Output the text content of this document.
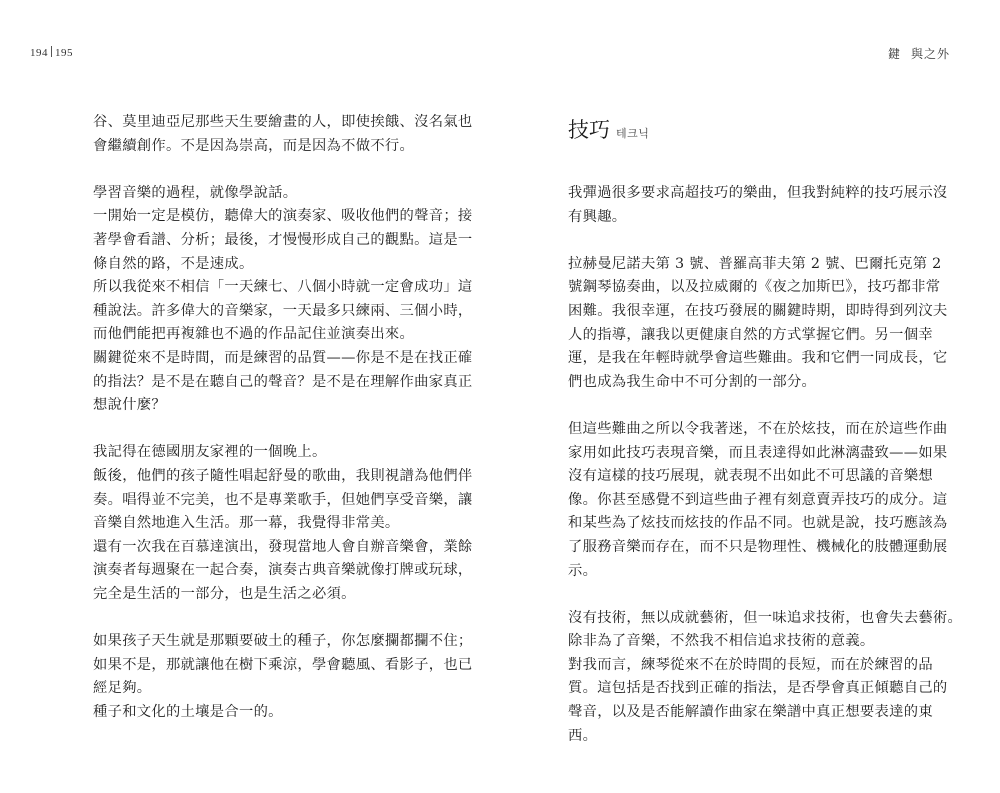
194 195	鍵 與之外

谷、莫里迪亞尼那些天生要繪畫的人，即使挨餓、沒名氣也

會繼續創作。不是因為崇高，而是因為不做不行。

學習音樂的過程，就像學說話。

一開始一定是模仿，聽偉大的演奏家、吸收他們的聲音；接

著學會看譜、分析；最後，才慢慢形成自己的觀點。這是一

條自然的路，不是速成。

所以我從來不相信「一天練七、八個小時就一定會成功」這

種說法。許多偉大的音樂家，一天最多只練兩、三個小時，

而他們能把再複雜也不過的作品記住並演奏出來。

關鍵從來不是時間，而是練習的品質——你是不是在找正確

的指法？是不是在聽自己的聲音？是不是在理解作曲家真正

想說什麼？

我記得在德國朋友家裡的一個晚上。

飯後，他們的孩子隨性唱起舒曼的歌曲，我則視譜為他們伴

奏。唱得並不完美，也不是專業歌手，但她們享受音樂，讓

音樂自然地進入生活。那一幕，我覺得非常美。

還有一次我在百慕達演出，發現當地人會自辦音樂會，業餘

演奏者每週聚在一起合奏，演奏古典音樂就像打牌或玩球，

完全是生活的一部分，也是生活之必須。

如果孩子天生就是那顆要破土的種子，你怎麼攔都攔不住；

如果不是，那就讓他在樹下乘涼，學會聽風、看影子，也已

經足夠。

種子和文化的土壤是合一的。

技巧 테크닉

我彈過很多要求高超技巧的樂曲，但我對純粹的技巧展示沒

有興趣。

拉赫曼尼諾夫第 3 號、普羅高菲夫第 2 號、巴爾托克第 2

號鋼琴協奏曲，以及拉威爾的《夜之加斯巴》，技巧都非常

困難。我很幸運，在技巧發展的關鍵時期，即時得到列汶夫

人的指導，讓我以更健康自然的方式掌握它們。另一個幸

運，是我在年輕時就學會這些難曲。我和它們一同成長，它

們也成為我生命中不可分割的一部分。

但這些難曲之所以令我著迷，不在於炫技，而在於這些作曲

家用如此技巧表現音樂，而且表達得如此淋漓盡致——如果

沒有這樣的技巧展現，就表現不出如此不可思議的音樂想

像。你甚至感覺不到這些曲子裡有刻意賣弄技巧的成分。這

和某些為了炫技而炫技的作品不同。也就是說，技巧應該為

了服務音樂而存在，而不只是物理性、機械化的肢體運動展

示。

沒有技術，無以成就藝術，但一味追求技術，也會失去藝術。

除非為了音樂，不然我不相信追求技術的意義。

對我而言，練琴從來不在於時間的長短，而在於練習的品

質。這包括是否找到正確的指法，是否學會真正傾聽自己的

聲音，以及是否能解讀作曲家在樂譜中真正想要表達的東

西。
